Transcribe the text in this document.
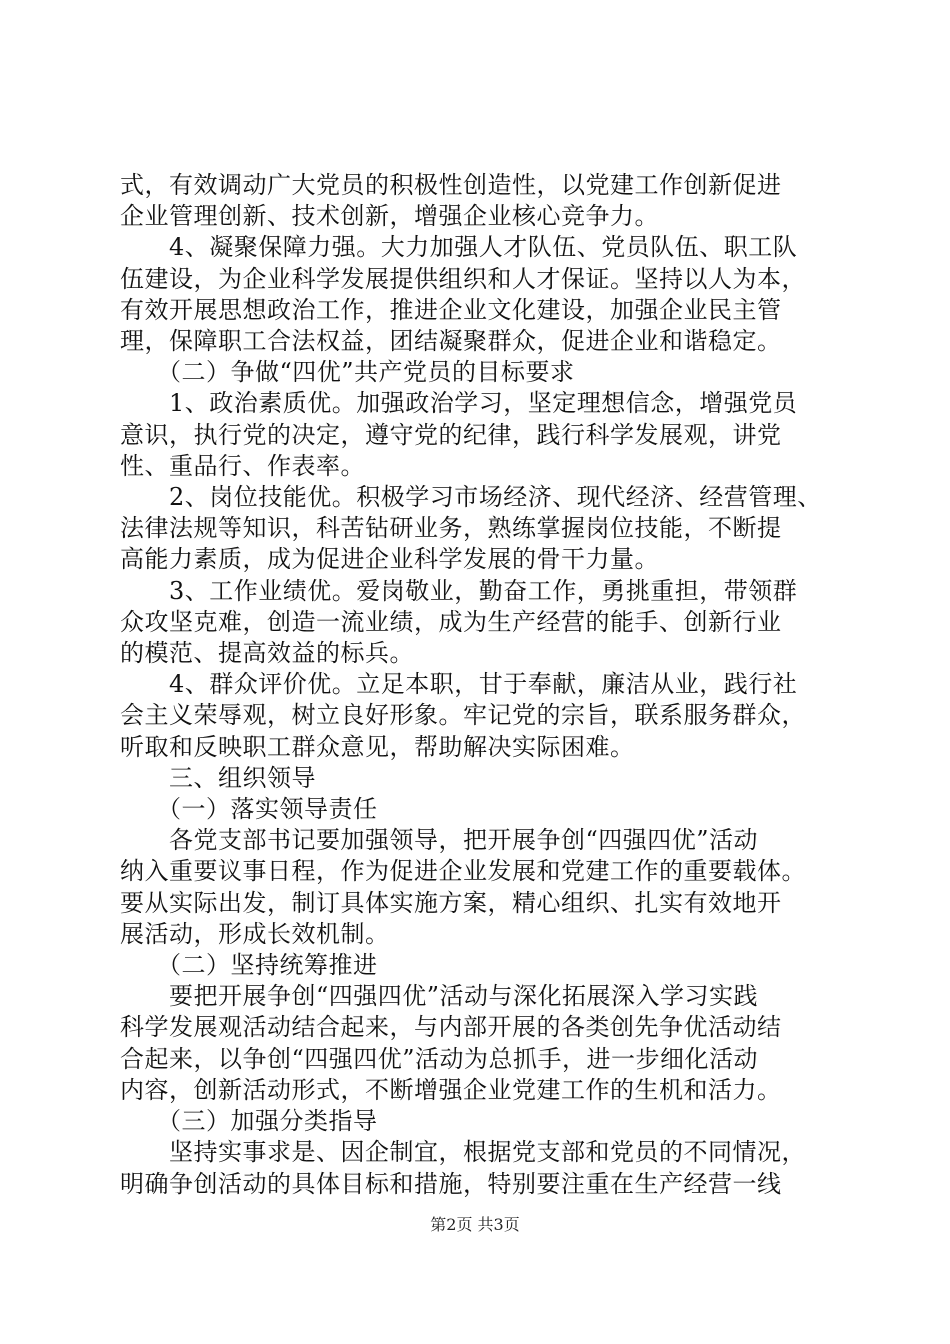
式，有效调动广大党员的积极性创造性，以党建工作创新促进

企业管理创新、技术创新，增强企业核心竞争力。

　　4、凝聚保障力强。大力加强人才队伍、党员队伍、职工队

伍建设，为企业科学发展提供组织和人才保证。坚持以人为本，

有效开展思想政治工作，推进企业文化建设，加强企业民主管

理，保障职工合法权益，团结凝聚群众，促进企业和谐稳定。

　　（二）争做“四优”共产党员的目标要求

　　1、政治素质优。加强政治学习，坚定理想信念，增强党员

意识，执行党的决定，遵守党的纪律，践行科学发展观，讲党

性、重品行、作表率。

　　2、岗位技能优。积极学习市场经济、现代经济、经营管理、

法律法规等知识，科苦钻研业务，熟练掌握岗位技能，不断提

高能力素质，成为促进企业科学发展的骨干力量。

　　3、工作业绩优。爱岗敬业，勤奋工作，勇挑重担，带领群

众攻坚克难，创造一流业绩，成为生产经营的能手、创新行业

的模范、提高效益的标兵。

　　4、群众评价优。立足本职，甘于奉献，廉洁从业，践行社

会主义荣辱观，树立良好形象。牢记党的宗旨，联系服务群众，

听取和反映职工群众意见，帮助解决实际困难。

　　三、组织领导

　　（一）落实领导责任

　　各党支部书记要加强领导，把开展争创“四强四优”活动

纳入重要议事日程，作为促进企业发展和党建工作的重要载体。

要从实际出发，制订具体实施方案，精心组织、扎实有效地开

展活动，形成长效机制。

　　（二）坚持统筹推进

　　要把开展争创“四强四优”活动与深化拓展深入学习实践

科学发展观活动结合起来，与内部开展的各类创先争优活动结

合起来，以争创“四强四优”活动为总抓手，进一步细化活动

内容，创新活动形式，不断增强企业党建工作的生机和活力。

　　（三）加强分类指导

　　坚持实事求是、因企制宜，根据党支部和党员的不同情况，

明确争创活动的具体目标和措施，特别要注重在生产经营一线

第2页 共3页
